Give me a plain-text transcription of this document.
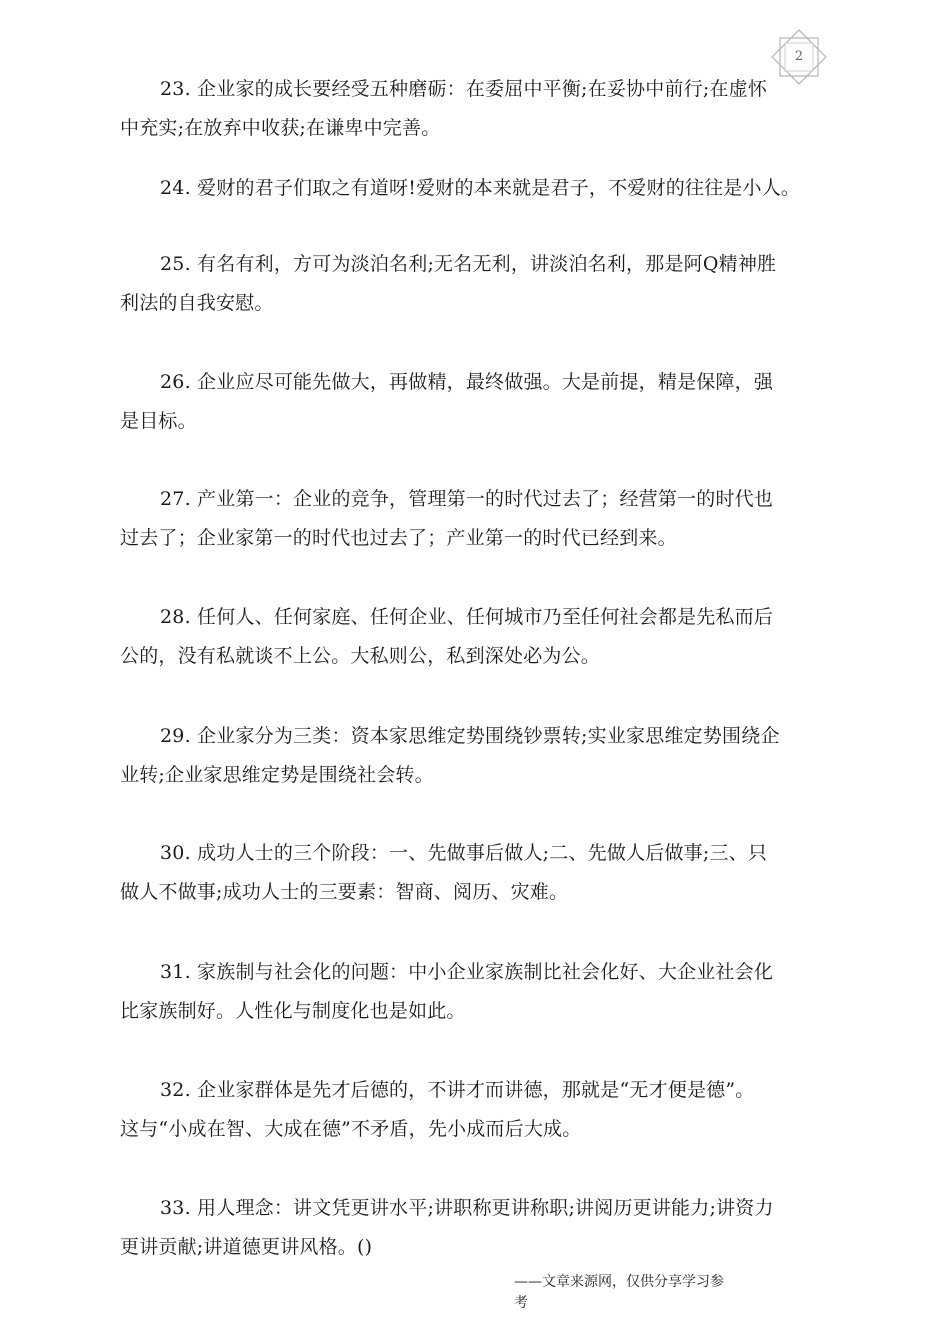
2
23. 企业家的成长要经受五种磨砺：在委屈中平衡;在妥协中前行;在虚怀
中充实;在放弃中收获;在谦卑中完善。
24. 爱财的君子们取之有道呀!爱财的本来就是君子，不爱财的往往是小人。
25. 有名有利，方可为淡泊名利;无名无利，讲淡泊名利，那是阿Q精神胜
利法的自我安慰。
26. 企业应尽可能先做大，再做精，最终做强。大是前提，精是保障，强
是目标。
27. 产业第一：企业的竞争，管理第一的时代过去了；经营第一的时代也
过去了；企业家第一的时代也过去了；产业第一的时代已经到来。
28. 任何人、任何家庭、任何企业、任何城市乃至任何社会都是先私而后
公的，没有私就谈不上公。大私则公，私到深处必为公。
29. 企业家分为三类：资本家思维定势围绕钞票转;实业家思维定势围绕企
业转;企业家思维定势是围绕社会转。
30. 成功人士的三个阶段：一、先做事后做人;二、先做人后做事;三、只
做人不做事;成功人士的三要素：智商、阅历、灾难。
31. 家族制与社会化的问题：中小企业家族制比社会化好、大企业社会化
比家族制好。人性化与制度化也是如此。
32. 企业家群体是先才后德的，不讲才而讲德，那就是“无才便是德”。
这与“小成在智、大成在德”不矛盾，先小成而后大成。
33. 用人理念：讲文凭更讲水平;讲职称更讲称职;讲阅历更讲能力;讲资力
更讲贡献;讲道德更讲风格。()
——文章来源网，仅供分享学习参
考
